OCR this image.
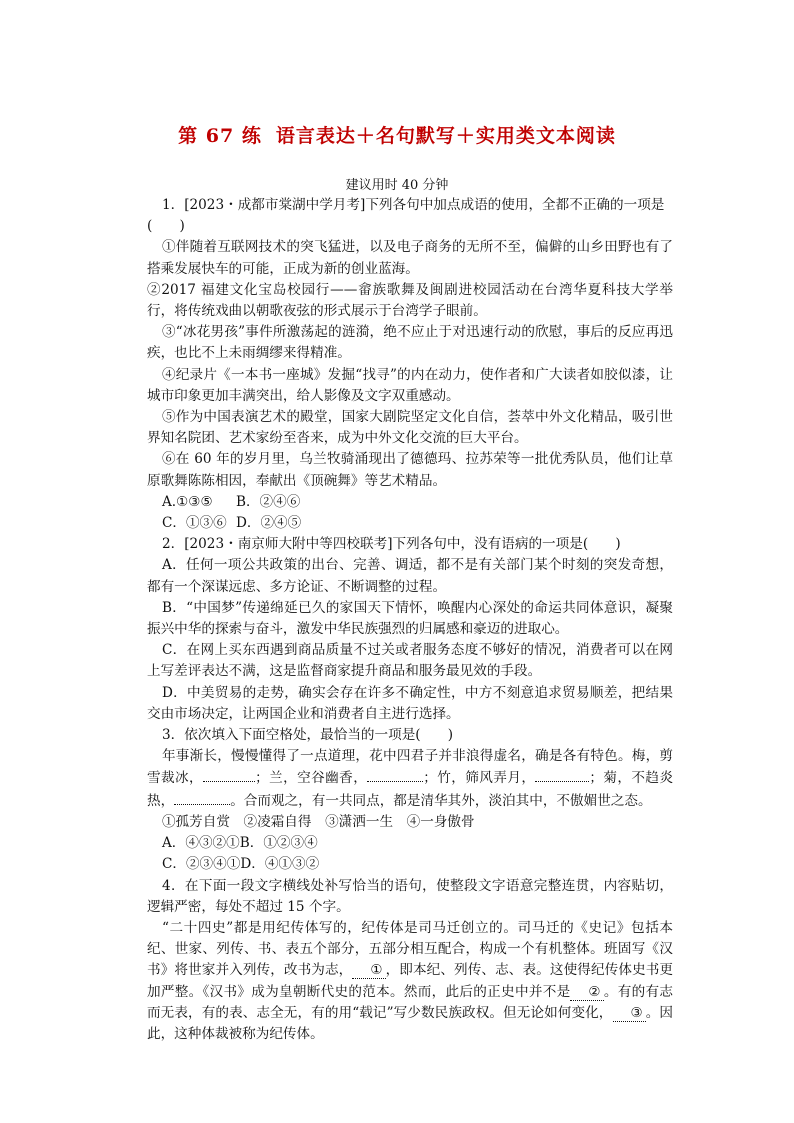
第 67 练 语言表达＋名句默写＋实用类文本阅读
建议用时 40 分钟

1．[2023・成都市棠湖中学月考]下列各句中加点成语的使用，全都不正确的一项是
(　　)

①伴随着互联网技术的突飞猛进，以及电子商务的无所不至，偏僻的山乡田野也有了搭乘发展快车的可能，正成为新的创业蓝海。

②2017 福建文化宝岛校园行——畲族歌舞及闽剧进校园活动在台湾华夏科技大学举行，将传统戏曲以朝歌夜弦的形式展示于台湾学子眼前。

③“冰花男孩”事件所激荡起的涟漪，绝不应止于对迅速行动的欣慰，事后的反应再迅疾，也比不上未雨绸缪来得精准。

④纪录片《一本书一座城》发掘“找寻”的内在动力，使作者和广大读者如胶似漆，让城市印象更加丰满突出，给人影像及文字双重感动。

⑤作为中国表演艺术的殿堂，国家大剧院坚定文化自信，荟萃中外文化精品，吸引世界知名院团、艺术家纷至沓来，成为中外文化交流的巨大平台。

⑥在 60 年的岁月里，乌兰牧骑涌现出了德德玛、拉苏荣等一批优秀队员，他们让草原歌舞陈陈相因，奉献出《顶碗舞》等艺术精品。

A.①③⑤ B．②④⑥

C．①③⑥ D．②④⑤

2．[2023・南京师大附中等四校联考]下列各句中，没有语病的一项是(　　)

A．任何一项公共政策的出台、完善、调适，都不是有关部门某个时刻的突发奇想，都有一个深谋远虑、多方论证、不断调整的过程。

B．“中国梦”传递绵延已久的家国天下情怀，唤醒内心深处的命运共同体意识，凝聚振兴中华的探索与奋斗，激发中华民族强烈的归属感和豪迈的进取心。

C．在网上买东西遇到商品质量不过关或者服务态度不够好的情况，消费者可以在网上写差评表达不满，这是监督商家提升商品和服务最见效的手段。

D．中美贸易的走势，确实会存在许多不确定性，中方不刻意追求贸易顺差，把结果交由市场决定，让两国企业和消费者自主进行选择。

3．依次填入下面空格处，最恰当的一项是(　　)

年事渐长，慢慢懂得了一点道理，花中四君子并非浪得虚名，确是各有特色。梅，剪雪裁冰，	；兰，空谷幽香，	；竹，筛风弄月，	；菊，不趋炎热，	。合而观之，有一共同点，都是清华其外，淡泊其中，不傲媚世之态。

①孤芳自赏　②凌霜自得　③潇洒一生　④一身傲骨

A．④③②①B．①②③④

C．②③④①D．④①③②

4．在下面一段文字横线处补写恰当的语句，使整段文字语意完整连贯，内容贴切，逻辑严密，每处不超过 15 个字。

“二十四史”都是用纪传体写的，纪传体是司马迁创立的。司马迁的《史记》包括本纪、世家、列传、书、表五个部分，五部分相互配合，构成一个有机整体。班固写《汉书》将世家并入列传，改书为志， ① ，即本纪、列传、志、表。这使得纪传体史书更加严整。《汉书》成为皇朝断代史的范本。然而，此后的正史中并不是 ② 。有的有志而无表，有的表、志全无，有的用“载记”写少数民族政权。但无论如何变化， ③ 。因此，这种体裁被称为纪传体。
